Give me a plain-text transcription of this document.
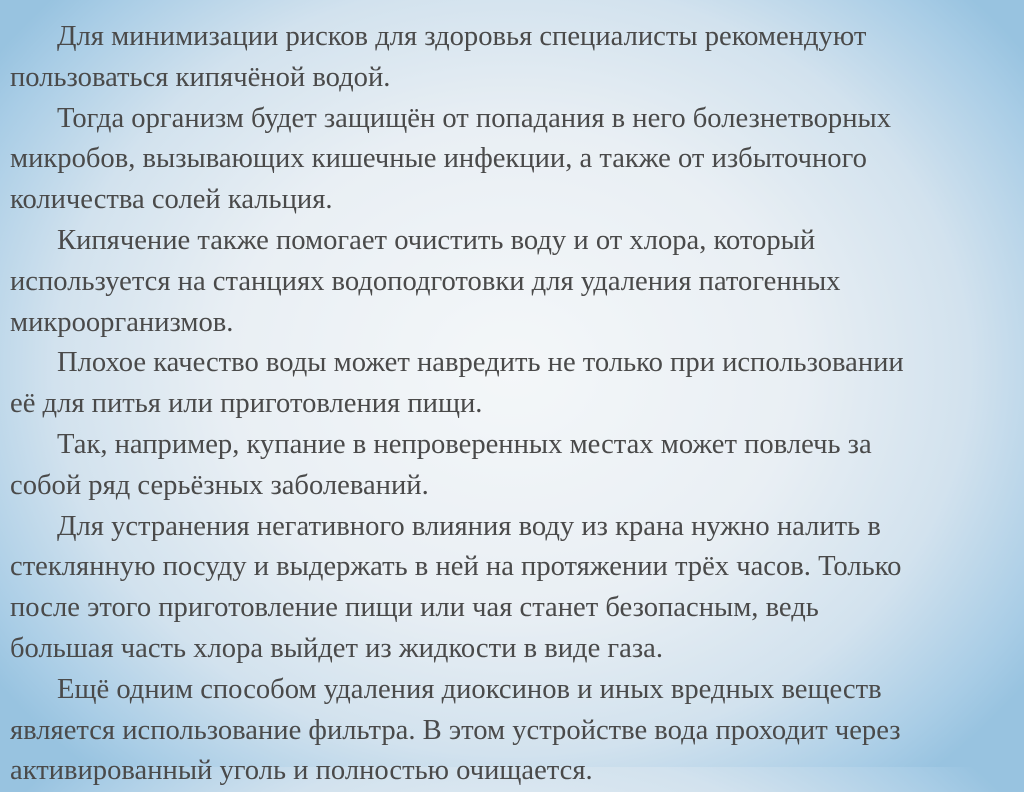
Для минимизации рисков для здоровья специалисты рекомендуют
пользоваться кипячёной водой.

Тогда организм будет защищён от попадания в него болезнетворных
микробов, вызывающих кишечные инфекции, а также от избыточного
количества солей кальция.

Кипячение также помогает очистить воду и от хлора, который
используется на станциях водоподготовки для удаления патогенных
микроорганизмов.

Плохое качество воды может навредить не только при использовании
её для питья или приготовления пищи.

Так, например, купание в непроверенных местах может повлечь за
собой ряд серьёзных заболеваний.

Для устранения негативного влияния воду из крана нужно налить в
стеклянную посуду и выдержать в ней на протяжении трёх часов. Только
после этого приготовление пищи или чая станет безопасным, ведь
большая часть хлора выйдет из жидкости в виде газа.

Ещё одним способом удаления диоксинов и иных вредных веществ
является использование фильтра. В этом устройстве вода проходит через
активированный уголь и полностью очищается.
